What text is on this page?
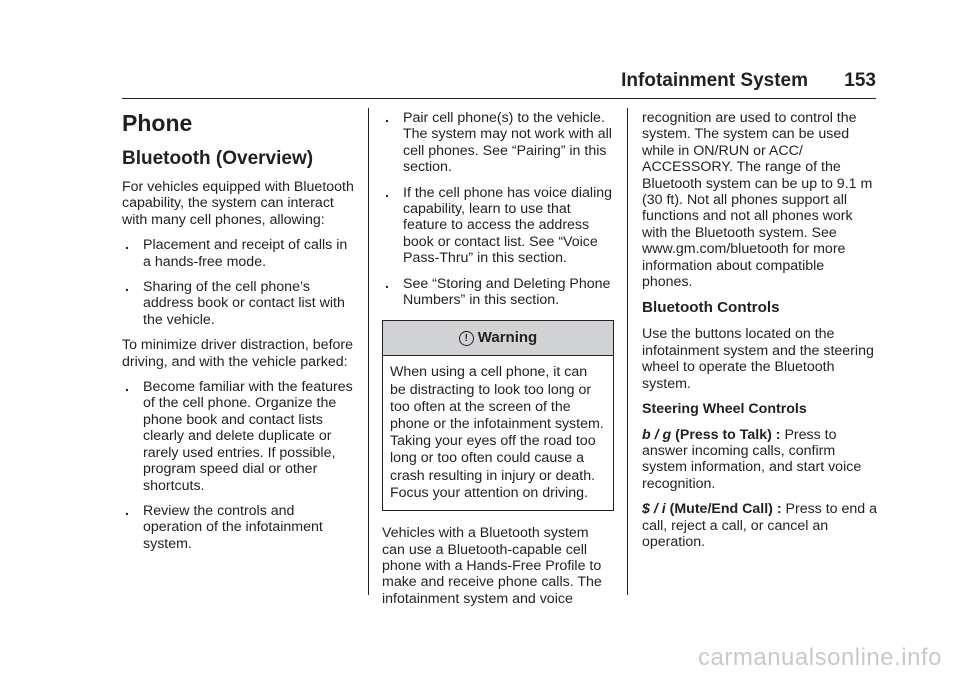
Infotainment System 153
Phone
Bluetooth (Overview)

For vehicles equipped with Bluetooth capability, the system can interact with many cell phones, allowing:

. Placement and receipt of calls in a hands-free mode.
. Sharing of the cell phone’s address book or contact list with the vehicle.

To minimize driver distraction, before driving, and with the vehicle parked:

. Become familiar with the features of the cell phone. Organize the phone book and contact lists clearly and delete duplicate or rarely used entries. If possible, program speed dial or other shortcuts.
. Review the controls and operation of the infotainment system.
. Pair cell phone(s) to the vehicle. The system may not work with all cell phones. See “Pairing” in this section.
. If the cell phone has voice dialing capability, learn to use that feature to access the address book or contact list. See “Voice Pass-Thru” in this section.
. See “Storing and Deleting Phone Numbers” in this section.
! Warning
When using a cell phone, it can be distracting to look too long or too often at the screen of the phone or the infotainment system. Taking your eyes off the road too long or too often could cause a crash resulting in injury or death. Focus your attention on driving.

Vehicles with a Bluetooth system can use a Bluetooth-capable cell phone with a Hands-Free Profile to make and receive phone calls. The infotainment system and voice

recognition are used to control the system. The system can be used while in ON/RUN or ACC/ ACCESSORY. The range of the Bluetooth system can be up to 9.1 m (30 ft). Not all phones support all functions and not all phones work with the Bluetooth system. See www.gm.com/bluetooth for more information about compatible phones.

Bluetooth Controls

Use the buttons located on the infotainment system and the steering wheel to operate the Bluetooth system.

Steering Wheel Controls

b / g (Press to Talk) : Press to answer incoming calls, confirm system information, and start voice recognition.

$ / i (Mute/End Call) : Press to end a call, reject a call, or cancel an operation.

carmanualsonline.info
